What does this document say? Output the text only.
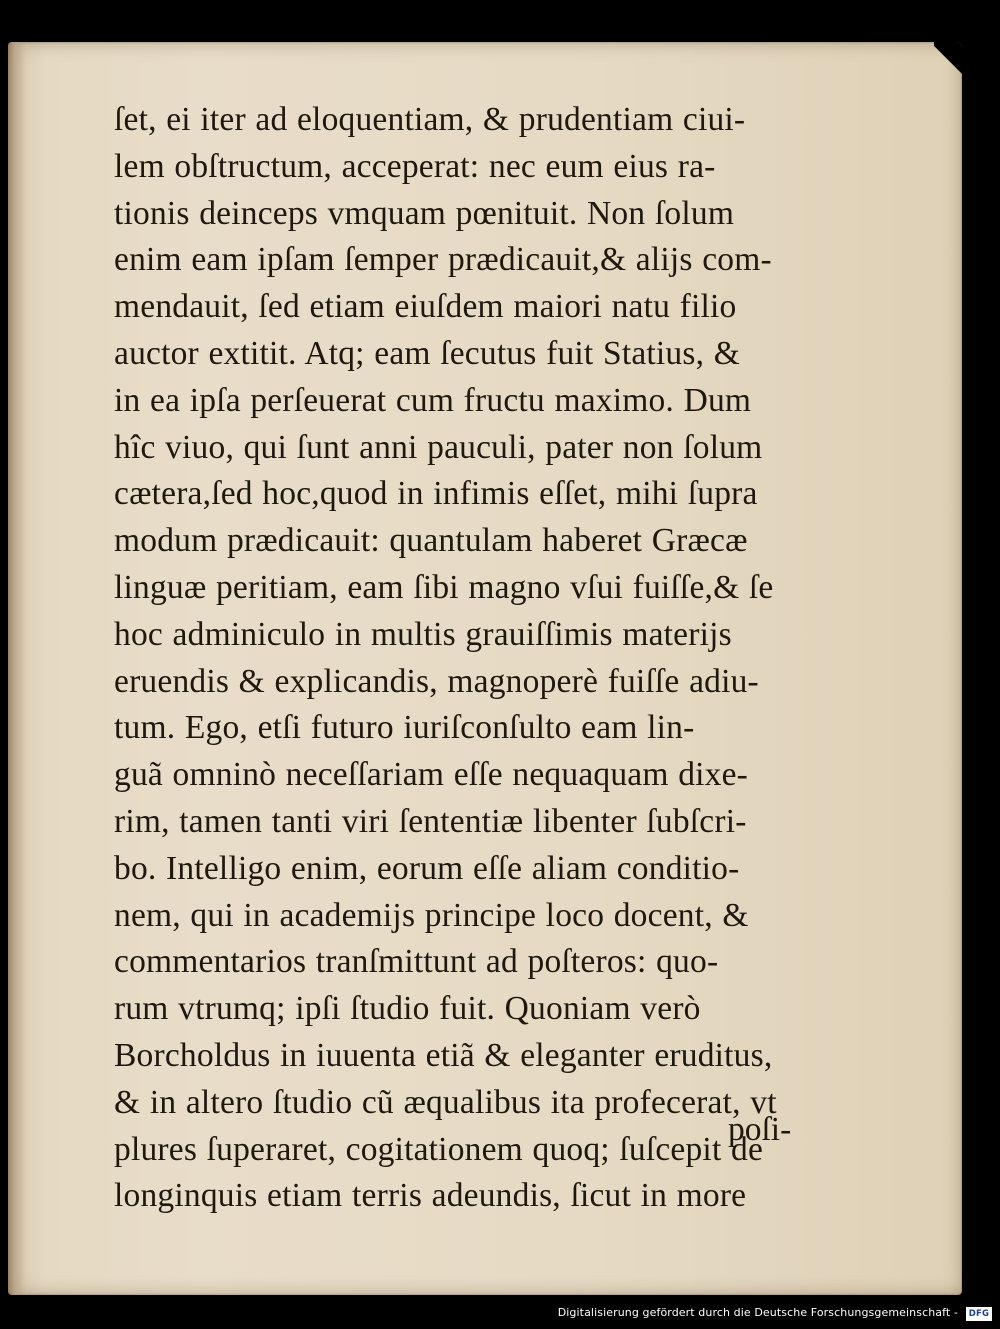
ſet, ei iter ad eloquentiam, & prudentiam ciui-
lem obſtructum, acceperat: nec eum eius ra-
tionis deinceps vmquam pœnituit. Non ſolum
enim eam ipſam ſemper prædicauit,& alijs com-
mendauit, ſed etiam eiuſdem maiori natu filio
auctor extitit. Atq; eam ſecutus fuit Statius, &
in ea ipſa perſeuerat cum fructu maximo. Dum
hîc viuo, qui ſunt anni pauculi, pater non ſolum
cætera,ſed hoc,quod in infimis eſſet, mihi ſupra
modum prædicauit: quantulam haberet Græcæ
linguæ peritiam, eam ſibi magno vſui fuiſſe,& ſe
hoc adminiculo in multis grauiſſimis materijs
eruendis & explicandis, magnoperè fuiſſe adiu-
tum. Ego, etſi futuro iuriſconſulto eam lin-
guã omninò neceſſariam eſſe nequaquam dixe-
rim, tamen tanti viri ſententiæ libenter ſubſcri-
bo. Intelligo enim, eorum eſſe aliam conditio-
nem, qui in academijs principe loco docent, &
commentarios tranſmittunt ad poſteros: quo-
rum vtrumq; ipſi ſtudio fuit. Quoniam verò
Borcholdus in iuuenta etiã & eleganter eruditus,
& in altero ſtudio cũ æqualibus ita profecerat, vt
plures ſuperaret, cogitationem quoq; ſuſcepit de
longinquis etiam terris adeundis, ſicut in more
poſi-
Digitalisierung gefördert durch die Deutsche Forschungsgemeinschaft -	DFG
